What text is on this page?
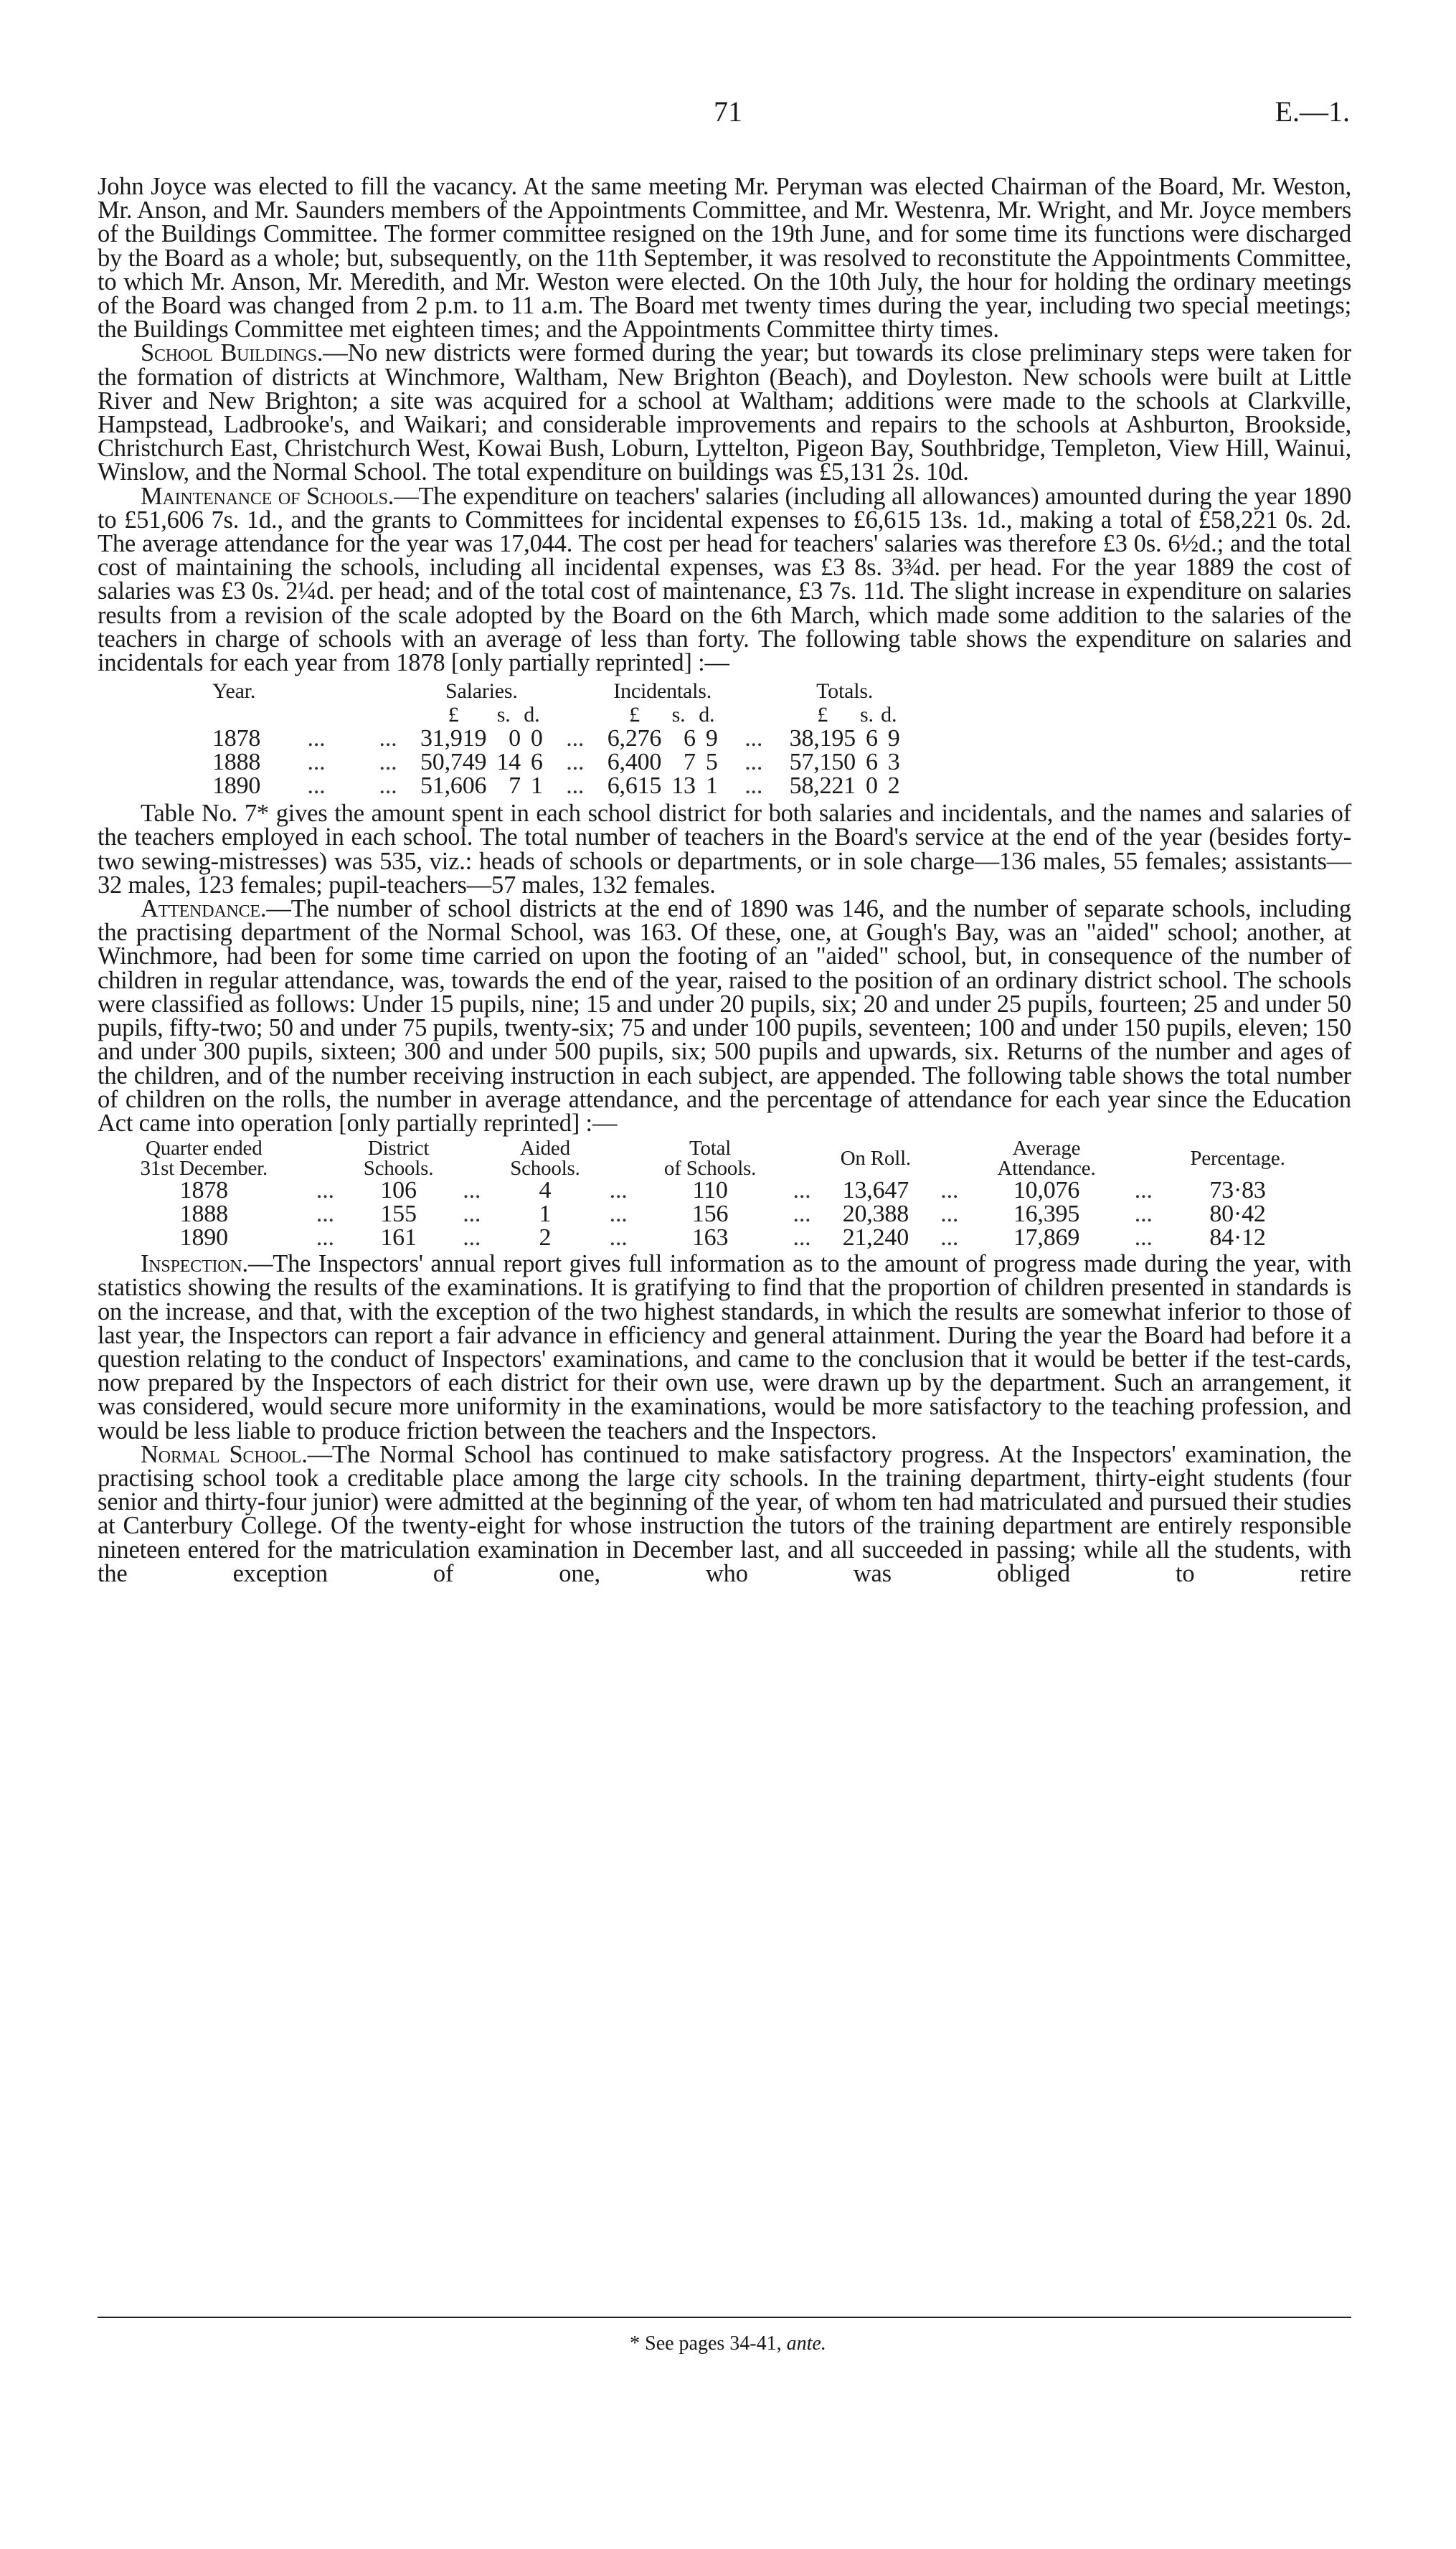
71	E.—1.

John Joyce was elected to fill the vacancy. At the same meeting Mr. Peryman was elected Chairman of the Board, Mr. Weston, Mr. Anson, and Mr. Saunders members of the Appointments Committee, and Mr. Westenra, Mr. Wright, and Mr. Joyce members of the Buildings Committee. The former committee resigned on the 19th June, and for some time its functions were discharged by the Board as a whole; but, subsequently, on the 11th September, it was resolved to reconstitute the Appointments Committee, to which Mr. Anson, Mr. Meredith, and Mr. Weston were elected. On the 10th July, the hour for holding the ordinary meetings of the Board was changed from 2 p.m. to 11 a.m. The Board met twenty times during the year, including two special meetings; the Buildings Committee met eighteen times; and the Appointments Committee thirty times.

School Buildings.—No new districts were formed during the year; but towards its close preliminary steps were taken for the formation of districts at Winchmore, Waltham, New Brighton (Beach), and Doyleston. New schools were built at Little River and New Brighton; a site was acquired for a school at Waltham; additions were made to the schools at Clarkville, Hampstead, Ladbrooke's, and Waikari; and considerable improvements and repairs to the schools at Ashburton, Brookside, Christchurch East, Christchurch West, Kowai Bush, Loburn, Lyttelton, Pigeon Bay, Southbridge, Templeton, View Hill, Wainui, Winslow, and the Normal School. The total expenditure on buildings was £5,131 2s. 10d.

Maintenance of Schools.—The expenditure on teachers' salaries (including all allowances) amounted during the year 1890 to £51,606 7s. 1d., and the grants to Committees for incidental expenses to £6,615 13s. 1d., making a total of £58,221 0s. 2d. The average attendance for the year was 17,044. The cost per head for teachers' salaries was therefore £3 0s. 6½d.; and the total cost of maintaining the schools, including all incidental expenses, was £3 8s. 3¾d. per head. For the year 1889 the cost of salaries was £3 0s. 2¼d. per head; and of the total cost of maintenance, £3 7s. 11d. The slight increase in expenditure on salaries results from a revision of the scale adopted by the Board on the 6th March, which made some addition to the salaries of the teachers in charge of schools with an average of less than forty. The following table shows the expenditure on salaries and incidentals for each year from 1878 [only partially reprinted] :—

Year.			Salaries.				Incidentals.				Totals.		
			£	s.	d.		£	s.	d.		£	s.	d.
1878	...	...	31,919	0	0	...	6,276	6	9	...	38,195	6	9
1888	...	...	50,749	14	6	...	6,400	7	5	...	57,150	6	3
1890	...	...	51,606	7	1	...	6,615	13	1	...	58,221	0	2

Table No. 7* gives the amount spent in each school district for both salaries and incidentals, and the names and salaries of the teachers employed in each school. The total number of teachers in the Board's service at the end of the year (besides forty-two sewing-mistresses) was 535, viz.: heads of schools or departments, or in sole charge—136 males, 55 females; assistants—32 males, 123 females; pupil-teachers—57 males, 132 females.

Attendance.—The number of school districts at the end of 1890 was 146, and the number of separate schools, including the practising department of the Normal School, was 163. Of these, one, at Gough's Bay, was an "aided" school; another, at Winchmore, had been for some time carried on upon the footing of an "aided" school, but, in consequence of the number of children in regular attendance, was, towards the end of the year, raised to the position of an ordinary district school. The schools were classified as follows: Under 15 pupils, nine; 15 and under 20 pupils, six; 20 and under 25 pupils, fourteen; 25 and under 50 pupils, fifty-two; 50 and under 75 pupils, twenty-six; 75 and under 100 pupils, seventeen; 100 and under 150 pupils, eleven; 150 and under 300 pupils, sixteen; 300 and under 500 pupils, six; 500 pupils and upwards, six. Returns of the number and ages of the children, and of the number receiving instruction in each subject, are appended. The following table shows the total number of children on the rolls, the number in average attendance, and the percentage of attendance for each year since the Education Act came into operation [only partially reprinted] :—

Quarter ended
31st December.		District
Schools.		Aided
Schools.		Total
of Schools.		On Roll.		Average
Attendance.		Percentage.
1878	...	106	...	4	...	110	...	13,647	...	10,076	...	73·83
1888	...	155	...	1	...	156	...	20,388	...	16,395	...	80·42
1890	...	161	...	2	...	163	...	21,240	...	17,869	...	84·12

Inspection.—The Inspectors' annual report gives full information as to the amount of progress made during the year, with statistics showing the results of the examinations. It is gratifying to find that the proportion of children presented in standards is on the increase, and that, with the exception of the two highest standards, in which the results are somewhat inferior to those of last year, the Inspectors can report a fair advance in efficiency and general attainment. During the year the Board had before it a question relating to the conduct of Inspectors' examinations, and came to the conclusion that it would be better if the test-cards, now prepared by the Inspectors of each district for their own use, were drawn up by the department. Such an arrangement, it was considered, would secure more uniformity in the examinations, would be more satisfactory to the teaching profession, and would be less liable to produce friction between the teachers and the Inspectors.

Normal School.—The Normal School has continued to make satisfactory progress. At the Inspectors' examination, the practising school took a creditable place among the large city schools. In the training department, thirty-eight students (four senior and thirty-four junior) were admitted at the beginning of the year, of whom ten had matriculated and pursued their studies at Canterbury College. Of the twenty-eight for whose instruction the tutors of the training department are entirely responsible nineteen entered for the matriculation examination in December last, and all succeeded in passing; while all the students, with the exception of one, who was obliged to retire

* See pages 34-41, ante.
